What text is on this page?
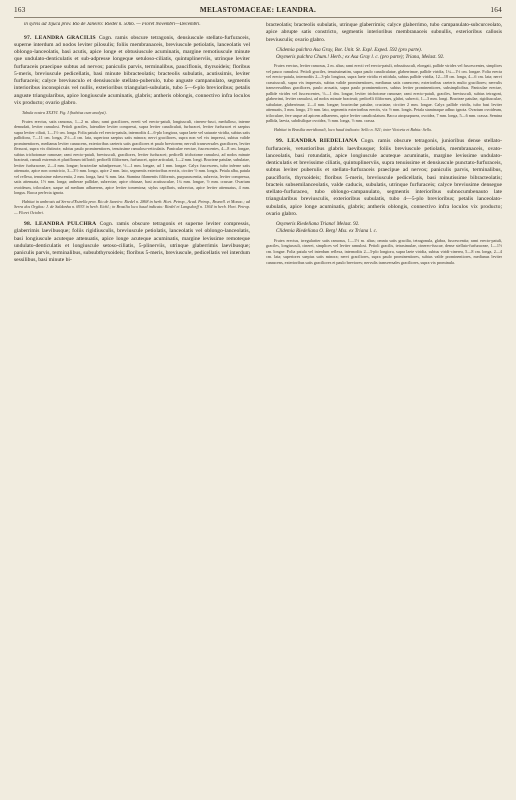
163	MELASTOMACEAE: LEANDRA.	164

in sylvis ad Tijuca prov. Rio de Janeiro: Riedel n. 5066. — Floret Novembri—Decembri.

97. LEANDRA GRACILIS Cogn. ramis obscure tetragonis, densiuscule stellato-furfuraceis, superne interdum ad nodos leviter pilosulis; foliis membranaceis, breviuscule petiolatis, lanceolatis vel oblongo-lanceolatis, basi acutis, apice longe et obtusiuscule acuminatis, margine remotiuscule minute que undulato-denticulatis et sub-adpresse longeque setuloso-ciliatis, quintuplinerviis, utrinque leviter furfuraceis praecipue subtus ad nervos; paniculis parvis, terminalibus, pauciflonis, thyrsoideis; floribus 5-meris, breviuscule pedicellatis, basi minute bibracteolatis; bracteolis subulatis, acutissimis, leviter furfuraceis; calyce breviusculo et densiuscule stellato-puberulo, tubo anguste campanulato, segmentis interioribus inconspicuis vel nullis, exterioribus triangulari-subulatis, tubo 5—6-plo brevioribus; petalis anguste triangularibus, apice longiuscule acuminatis, glabris; antheris oblongis, connectivo infra loculos vix producto; ovario glabro.

Tabula nostra XXXVI. Fig. I (habitus cum analysi).

Frutex erectus, satis ramosus, 1—2 m. altus; rami graciliores, ereeti vel erecto-patuli, longiusculi, cinereo-fusci, medulloso, interne demudati, leviter ramulosi. Petioli graciles, lateraliter leviter compressi, supra leviter canaliculati, furfuracei, leviter furfuracei et saepius supra leviter ciliati, 1—1½ cm. longa. Folia patula vel erecto-patula, internodiis 4—6-plo longiora, supra laete vel saturate viridia, subtus satis pallidiora, 7—11 cm. longa, 2½—4 cm. lata, superiora saepius satis minora; nervi graciliores, supra non vel vix impressi, subtus valide prominentiores, medianus leviter canascens, exterioribus caeteris satis graciliores et paulo breviorem; nervuli transversales graciliores, leviter flexuosi, supra vix distincte, subtus paulo prominentiores, tenuissime ramuloso-reticulatis. Paniculae erectae, fuscescentes, 4—8 cm. longae, subtus trichotomae ramosae; rami erecto-patuli, breviusculi, graciliores, leviter furfuracei; pedicelli trichotome ramulosi, ad nodos minute bracteati, ramuli extremis et pluriflorum triflorid; pedicelli filiformes, furfuracei, apice articulati, 1—2 mm. longi. Bracteae patulae, subulatae, leviter furfuraceae, 2—4 mm. longae; bracteolae subadpressae, ½—1 mm. longae, ad 1 mm. longae. Calyx fuscescens, tubo inferne satis attenuato, apice non constricto, 3—3½ mm. longo, apice 2 mm. lato, segmentis exterioribus erectis, circiter ½ mm. longis. Petala alba, patula vel reflexa, tenuissime rubescentia, 2 mm. longa, basi ¾ mm. lata. Stamina filamentis filiformis, purpurascentia, subrecta, leviter compressa, satis attenuata, 1½ mm. longa; antherae pallidae, subrectae, apice obtusae, basi acutiusculae, 1¼ mm. longae, ½ mm. crassae. Ovarium ovoideum, triloculare, uaque ad medium adhaerens, apice leviter tomentosa; stylus capillaris, subrectus, apice leviter attenuatus, 4 mm. longus. Bacca perfecta ignota.

Habitat in umbrosis ad Serra d'Estrella prov. Rio de Janeiro: Riedel n. 2868 in herb. Hort. Petrop., Acad. Petrop., Brunell. et Monac.; ad Serra dos Orgâos: J. de Saldanha n. 6933 in herb. Eichl.; in Brasilia loco haud indicato: Riedel et Langsdorff n. 1364 in herb. Hort. Petrop. — Floret Octobri.

98. LEANDRA PULCHRA Cogn. ramis obscure tetragonis et superne leviter compressis, glaberrimis laevibusque; foliis rigidiusculis, breviuscule petiolatis, lanceolatis vel oblongo-lanceolatis, basi longiuscule acuteque attenuatis, apice longe acuteque acuminatis, margine levissime remoteque undulato-denticulatis et longiuscule setoso-ciliatis, 5-plinerviis, utrinque glaberrimis laevibusque; paniculis parvis, terminalibus, subsubthyrsoideis; floribus 5-meris, breviuscule, pedicellatis vel interdum sessilibus, basi minute bi-

bracteolatis; bracteolis subulatis, utrinque glaberrimis; calyce glaberrimo, tubo campanulato-subcurceolato, apice abrupte satis constricto, segmentis interioribus membranaceis subnullis, exterioribus callosis breviusculis; ovario glabro.

Clidemia pulchra Asa Gray, Bot. Unit. St. Expl. Exped. 592 (pro parte).

Oxymeris pulchra Chum.! Herb.; ex Asa Gray l. c. (pro parte); Triana, Melast. 92.

Frutex erectus, leviter ramosus, 2 m. altus; rami erecti vel erecto-patuli, robustiusculi, elongati, pallide virides vel fuscescentes, simplices vel pauco ramulosi. Petioli graciles, tenuissimatim, supra paulo canaliculatae, glaberrimae, pallide viridia, 1¼—1½ cm. longae. Folia erecta vel erecto-patula, internodiis 2—3-plo longiora, supra laete viridia et nitidula, subtus pallide viridia, 12—18 cm. longa, 4—6 cm. lata; nervi crassiusculi, supra vix impressis, subtus valide prominentiores, medianus satis canescens; exterioribus caeteris multo graciliores; nervulis transversalibus graciliores, paulo arcuatis, supra paulo prominentiores, subtus leviter prominentiores, subsimplicibus. Paniculae erectae, pallide virides vel fuscescentes, ⅓—1 dm. longae, leviter trichotome ramosae; rami erecto-patuli, graciles, breviusculi, subtus tetragoni, glaberrimi, leviter ramulosi, ad nodos minute bracteati; pedicelli filiformes, glabri, subrecti, 1—3 mm. longi. Bracteae patulae, rigidiusculae, subulatae, glaberrimae, 2—4 mm. longae; bracteolae patulae, cruciatae, circiter 2 mm. longae. Calyx pallide viridis, tubo basi leviter attenuatis, 3 mm. longo, 2½ mm. lato, segmentis exterioribus erectis, vix ½ mm. longis. Petala staminaque adhuc ignota. Ovarium ovoideum, triloculare, fere usque ad apicem adhaerens, apice leviter canaliculatum. Bacca atropurpurea, ovoidea, 7 mm. longa, 5—6 mm. crassa. Semina pallida, laevia, subdisilique ovoidea, ⅓ mm. longa, ⅓ mm. crassa.

Habitat in Brasilia meridionali, loco haud indicato: Sello n. 921; inter Victoria et Bahia: Sello.

99. LEANDRA RIEDELIANA Cogn. ramis obscure tetragonis, junioribus dense stellato-furfuraceis, vetustioribus glabris laevibusque; foliis breviuscule petiolatis, membranaceis, ovato-lanceolatis, basi rotundatis, apice longiuscule acuteque acuminatis, margine levissime undulato-denticulatis et brevissime ciliatis, quintuplinerviis, supra tenuissime et densiuscule punctato-furfuraceis, subtus leviter puberulis et stellato-furfuraceis praecipue ad nervos; paniculis parvis, terminalibus, paucifloris, thyrsoideis; floribus 5-meris, breviuscule pedicellatis, basi minutissime bibracteolatis; bracteis subsemilanceolatis, valde caducis, subulatis, utrinque furfuraceis; calyce breviusime densegue stellato-furfuraceo, tubo oblongo-campanulato, segmentis interioribus subnocumbenauto late triangularibus breviusculis, exterioribus subulatis, tubo 4—5-plo brevioribus; petalis lanceolato-subulatis, apice longe acuminatis, glabris; antheris oblongis, connectivo infra loculos vix producto; ovario glabro.

Oxymeris Riedeliana Triana! Melast. 92.

Clidemia Riedeliana O. Berg! Mss. ex Triana l. c.

Frutex erectus, irregulariter satis ramosus, 1—1½ m. altus; omnia satis gracilia, tetragonula, glabra, fuscescentia; rami erecto-patuli, graciles, longiusculi, cinerei, simplices vel leviter ramulosi. Petioli gracilis, tetrasimulae, cinereo-fuscae, dense stellato-furfuraceae, 1—1½ cm. longae. Folia patula vel interdum reflexa, internodiis 2—3-plo longiora, supra laete viridia, subtus viridi-cinerea, 5—8 cm. longa, 2—4 cm. lata; superiores saepius satis minora; nervi graciliores, supra paulo prominentiores, subtus valde prominentiores, medianus leviter canascens, exterioribus satis graciliores et paulo breviores; nervulis transversales graciliores, supra vix prominula.
